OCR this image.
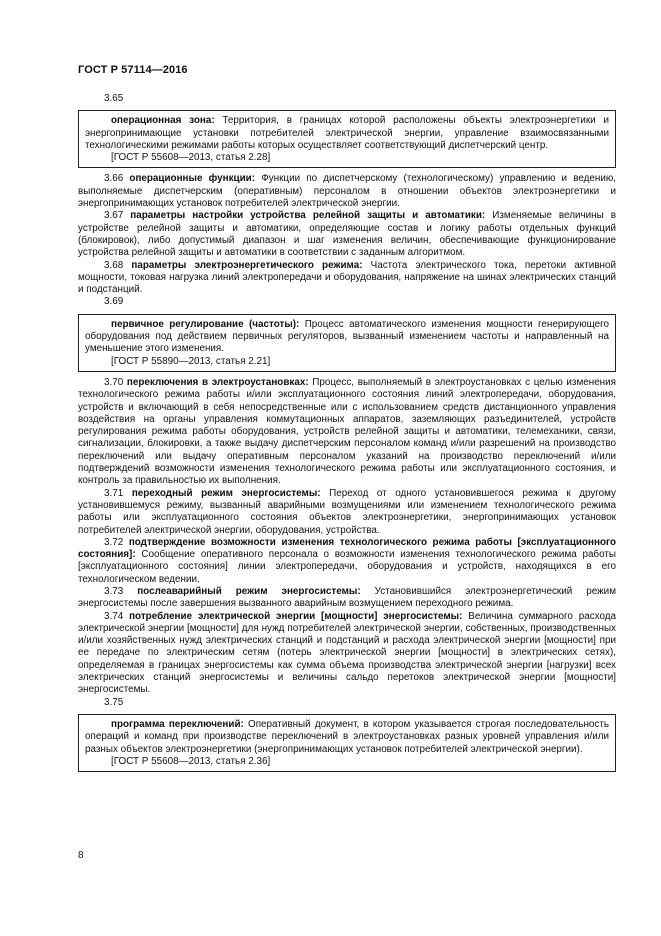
ГОСТ Р 57114—2016

3.65

операционная зона: Территория, в границах которой расположены объекты электроэнергетики и энергопринимающие установки потребителей электрической энергии, управление взаимосвязанными технологическими режимами работы которых осуществляет соответствующий диспетчерский центр.

[ГОСТ Р 55608—2013, статья 2.28]

3.66 операционные функции: Функции по диспетчерскому (технологическому) управлению и ведению, выполняемые диспетчерским (оперативным) персоналом в отношении объектов электроэнергетики и энергопринимающих установок потребителей электрической энергии.

3.67 параметры настройки устройства релейной защиты и автоматики: Изменяемые величины в устройстве релейной защиты и автоматики, определяющие состав и логику работы отдельных функций (блокировок), либо допустимый диапазон и шаг изменения величин, обеспечивающие функционирование устройства релейной защиты и автоматики в соответствии с заданным алгоритмом.

3.68 параметры электроэнергетического режима: Частота электрического тока, перетоки активной мощности, токовая нагрузка линий электропередачи и оборудования, напряжение на шинах электрических станций и подстанций.

3.69

первичное регулирование (частоты): Процесс автоматического изменения мощности генерирующего оборудования под действием первичных регуляторов, вызванный изменением частоты и направленный на уменьшение этого изменения.

[ГОСТ Р 55890—2013, статья 2.21]

3.70 переключения в электроустановках: Процесс, выполняемый в электроустановках с целью изменения технологического режима работы и/или эксплуатационного состояния линий электропередачи, оборудования, устройств и включающий в себя непосредственные или с использованием средств дистанционного управления воздействия на органы управления коммутационных аппаратов, заземляющих разъединителей, устройств регулирования режима работы оборудования, устройств релейной защиты и автоматики, телемеханики, связи, сигнализации, блокировки, а также выдачу диспетчерским персоналом команд и/или разрешений на производство переключений или выдачу оперативным персоналом указаний на производство переключений и/или подтверждений возможности изменения технологического режима работы или эксплуатационного состояния, и контроль за правильностью их выполнения.

3.71 переходный режим энергосистемы: Переход от одного установившегося режима к другому установившемуся режиму, вызванный аварийными возмущениями или изменением технологического режима работы или эксплуатационного состояния объектов электроэнергетики, энергопринимающих установок потребителей электрической энергии, оборудования, устройства.

3.72 подтверждение возможности изменения технологического режима работы [эксплуатационного состояния]: Сообщение оперативного персонала о возможности изменения технологического режима работы [эксплуатационного состояния] линии электропередачи, оборудования и устройств, находящихся в его технологическом ведении.

3.73 послеаварийный режим энергосистемы: Установившийся электроэнергетический режим энергосистемы после завершения вызванного аварийным возмущением переходного режима.

3.74 потребление электрической энергии [мощности] энергосистемы: Величина суммарного расхода электрической энергии [мощности] для нужд потребителей электрической энергии, собственных, производственных и/или хозяйственных нужд электрических станций и подстанций и расхода электрической энергии [мощности] при ее передаче по электрическим сетям (потерь электрической энергии [мощности] в электрических сетях), определяемая в границах энергосистемы как сумма объема производства электрической энергии [нагрузки] всех электрических станций энергосистемы и величины сальдо перетоков электрической энергии [мощности] энергосистемы.

3.75

программа переключений: Оперативный документ, в котором указывается строгая последовательность операций и команд при производстве переключений в электроустановках разных уровней управления и/или разных объектов электроэнергетики (энергопринимающих установок потребителей электрической энергии).

[ГОСТ Р 55608—2013, статья 2.36]

8
